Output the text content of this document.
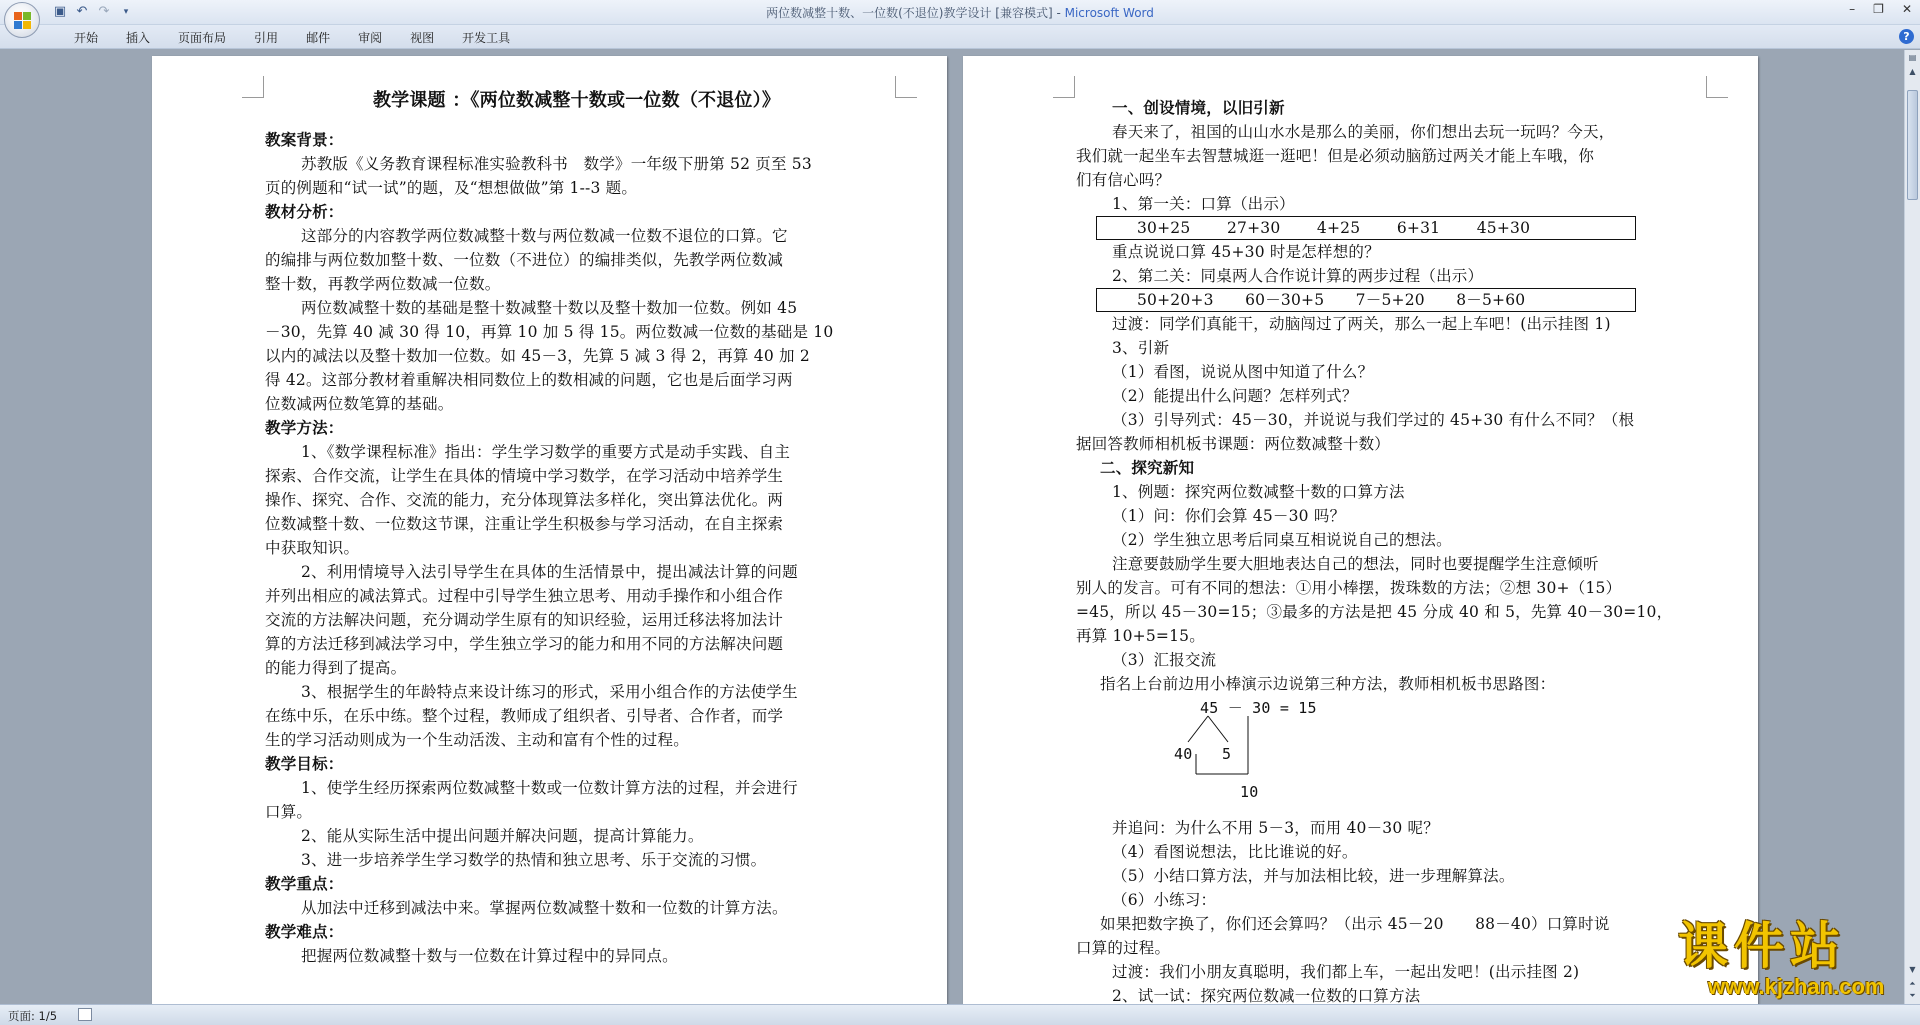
▣ ↶ ↷	▾	两位数减整十数、一位数(不退位)教学设计 [兼容模式] - Microsoft Word	– ❐ ✕
开始	插入	页面布局	引用	邮件	审阅	视图	开发工具	?
教学课题 ：《两位数减整十数或一位数（不退位）》
教案背景：
苏教版《义务教育课程标准实验教科书　数学》一年级下册第 52 页至 53
页的例题和“试一试”的题，及“想想做做”第 1--3 题。
教材分析：
这部分的内容教学两位数减整十数与两位数减一位数不退位的口算。它
的编排与两位数加整十数、一位数（不进位）的编排类似，先教学两位数减
整十数，再教学两位数减一位数。
两位数减整十数的基础是整十数减整十数以及整十数加一位数。例如 45
－30，先算 40 减 30 得 10，再算 10 加 5 得 15。两位数减一位数的基础是 10
以内的减法以及整十数加一位数。如 45－3，先算 5 减 3 得 2，再算 40 加 2
得 42。这部分教材着重解决相同数位上的数相减的问题，它也是后面学习两
位数减两位数笔算的基础。
教学方法：
1、《数学课程标准》指出：学生学习数学的重要方式是动手实践、自主
探索、合作交流，让学生在具体的情境中学习数学，在学习活动中培养学生
操作、探究、合作、交流的能力，充分体现算法多样化，突出算法优化。两
位数减整十数、一位数这节课，注重让学生积极参与学习活动，在自主探索
中获取知识。
2、利用情境导入法引导学生在具体的生活情景中，提出减法计算的问题
并列出相应的减法算式。过程中引导学生独立思考、用动手操作和小组合作
交流的方法解决问题，充分调动学生原有的知识经验，运用迁移法将加法计
算的方法迁移到减法学习中，学生独立学习的能力和用不同的方法解决问题
的能力得到了提高。
3、根据学生的年龄特点来设计练习的形式，采用小组合作的方法使学生
在练中乐，在乐中练。整个过程，教师成了组织者、引导者、合作者，而学
生的学习活动则成为一个生动活泼、主动和富有个性的过程。
教学目标：
1、使学生经历探索两位数减整十数或一位数计算方法的过程，并会进行
口算。
2、能从实际生活中提出问题并解决问题，提高计算能力。
3、进一步培养学生学习数学的热情和独立思考、乐于交流的习惯。
教学重点：
从加法中迁移到减法中来。掌握两位数减整十数和一位数的计算方法。
教学难点：
把握两位数减整十数与一位数在计算过程中的异同点。
一、创设情境，以旧引新
春天来了，祖国的山山水水是那么的美丽，你们想出去玩一玩吗？今天，
我们就一起坐车去智慧城逛一逛吧！但是必须动脑筋过两关才能上车哦，你
们有信心吗？
1、第一关：口算（出示）
30+25　　 27+30　　 4+25　　 6+31　　 45+30
重点说说口算 45+30 时是怎样想的？
2、第二关：同桌两人合作说计算的两步过程（出示）
50+20+3　　60－30+5　　7－5+20　　8－5+60
过渡：同学们真能干，动脑闯过了两关，那么一起上车吧！(出示挂图 1)
3、引新
（1）看图，说说从图中知道了什么？
（2）能提出什么问题？怎样列式？
（3）引导列式：45－30，并说说与我们学过的 45+30 有什么不同？（根
据回答教师相机板书课题：两位数减整十数）
二、探究新知
1、例题：探究两位数减整十数的口算方法
（1）问：你们会算 45－30 吗？
（2）学生独立思考后同桌互相说说自己的想法。
注意要鼓励学生要大胆地表达自己的想法，同时也要提醒学生注意倾听
别人的发言。可有不同的想法：①用小棒摆，拨珠数的方法；②想 30+（15）
=45，所以 45－30=15；③最多的方法是把 45 分成 40 和 5，先算 40－30=10，
再算 10+5=15。
（3）汇报交流
指名上台前边用小棒演示边说第三种方法，教师相机板书思路图：
45 － 30 = 15
40 5
10
并追问：为什么不用 5－3，而用 40－30 呢？
（4）看图说想法，比比谁说的好。
（5）小结口算方法，并与加法相比较，进一步理解算法。
（6）小练习：
如果把数字换了，你们还会算吗？（出示 45－20　　88－40）口算时说
口算的过程。
过渡：我们小朋友真聪明，我们都上车，一起出发吧！(出示挂图 2)
2、试一试：探究两位数减一位数的口算方法
▤
▲
▼
⏶
⏷
页面: 1/5
课件站
www.kjzhan.com
